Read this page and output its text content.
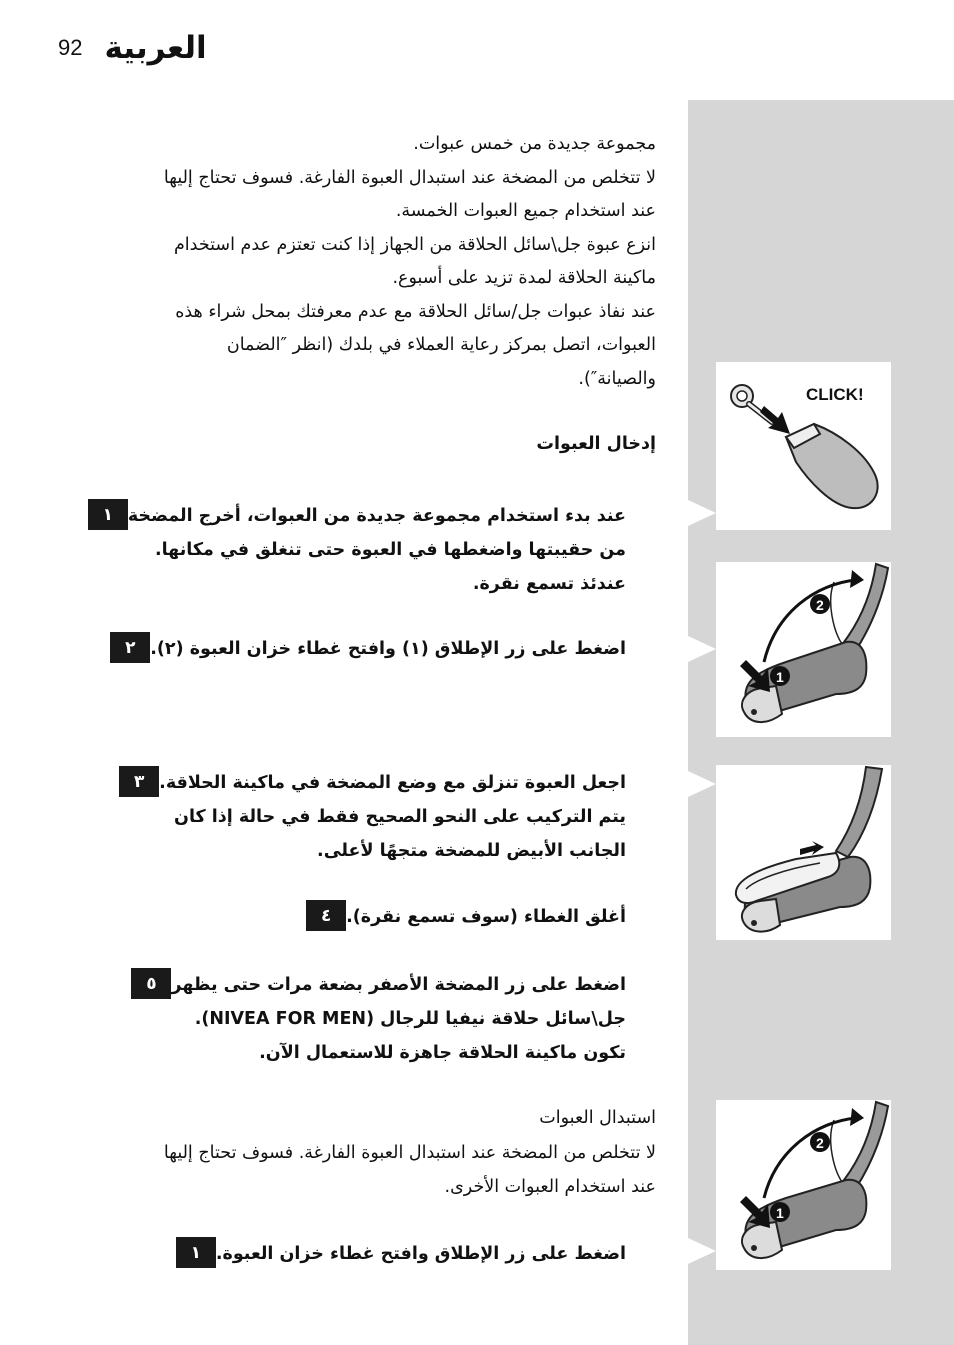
92 العربية
مجموعة جديدة من خمس عبوات.
لا تتخلص من المضخة عند استبدال العبوة الفارغة. فسوف تحتاج إليها
عند استخدام جميع العبوات الخمسة.
انزع عبوة جل\سائل الحلاقة من الجهاز إذا كنت تعتزم عدم استخدام
ماكينة الحلاقة لمدة تزيد على أسبوع.
عند نفاذ عبوات جل/سائل الحلاقة مع عدم معرفتك بمحل شراء هذه
العبوات، اتصل بمركز رعاية العملاء في بلدك (انظر ″الضمان
والصيانة″).
إدخال العبوات
١ عند بدء استخدام مجموعة جديدة من العبوات، أخرج المضخة
من حقيبتها واضغطها في العبوة حتى تنغلق في مكانها.
عندئذ تسمع نقرة.
٢ اضغط على زر الإطلاق (١) وافتح غطاء خزان العبوة (٢).
٣ اجعل العبوة تنزلق مع وضع المضخة في ماكينة الحلاقة.
يتم التركيب على النحو الصحيح فقط في حالة إذا كان
الجانب الأبيض للمضخة متجهًا لأعلى.
٤ أغلق الغطاء (سوف تسمع نقرة).
٥ اضغط على زر المضخة الأصفر بضعة مرات حتى يظهر
جل\سائل حلاقة نيفيا للرجال (NIVEA FOR MEN).
تكون ماكينة الحلاقة جاهزة للاستعمال الآن.
استبدال العبوات
لا تتخلص من المضخة عند استبدال العبوة الفارغة. فسوف تحتاج إليها
عند استخدام العبوات الأخرى.
١ اضغط على زر الإطلاق وافتح غطاء خزان العبوة.
CLICK!
2
1
2
1
